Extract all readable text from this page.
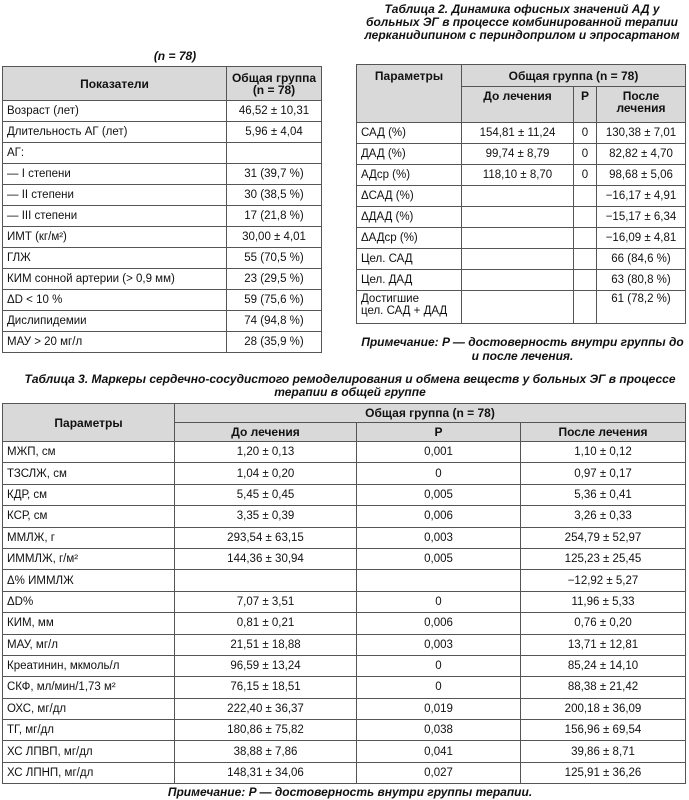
(n = 78)
Показатели	Общая группа
(n = 78)
Возраст (лет)	46,52 ± 10,31
Длительность АГ (лет)	5,96 ± 4,04
АГ:	
— I степени	31 (39,7 %)
— II степени	30 (38,5 %)
— III степени	17 (21,8 %)
ИМТ (кг/м²)	30,00 ± 4,01
ГЛЖ	55 (70,5 %)
КИМ сонной артерии (> 0,9 мм)	23 (29,5 %)
ΔD < 10 %	59 (75,6 %)
Дислипидемии	74 (94,8 %)
МАУ > 20 мг/л	28 (35,9 %)
Таблица 2. Динамика офисных значений АД у больных ЭГ в процессе комбинированной терапии лерканидипином с периндоприлом и эпросартаном
Параметры	Общая группа (n = 78)		
	До лечения	P	После лечения
САД (%)	154,81 ± 11,24	0	130,38 ± 7,01
ДАД (%)	99,74 ± 8,79	0	82,82 ± 4,70
АДср (%)	118,10 ± 8,70	0	98,68 ± 5,06
ΔСАД (%)			−16,17 ± 4,91
ΔДАД (%)			−15,17 ± 6,34
ΔАДср (%)			−16,09 ± 4,81
Цел. САД			66 (84,6 %)
Цел. ДАД			63 (80,8 %)
Достигшие
цел. САД + ДАД			61 (78,2 %)
Примечание: P — достоверность внутри группы до и после лечения.
Таблица 3. Маркеры сердечно-сосудистого ремоделирования и обмена веществ у больных ЭГ в процессе терапии в общей группе
Параметры	Общая группа (n = 78)		
	До лечения	P	После лечения
МЖП, см	1,20 ± 0,13	0,001	1,10 ± 0,12
ТЗСЛЖ, см	1,04 ± 0,20	0	0,97 ± 0,17
КДР, см	5,45 ± 0,45	0,005	5,36 ± 0,41
КСР, см	3,35 ± 0,39	0,006	3,26 ± 0,33
ММЛЖ, г	293,54 ± 63,15	0,003	254,79 ± 52,97
ИММЛЖ, г/м²	144,36 ± 30,94	0,005	125,23 ± 25,45
Δ% ИММЛЖ			−12,92 ± 5,27
ΔD%	7,07 ± 3,51	0	11,96 ± 5,33
КИМ, мм	0,81 ± 0,21	0,006	0,76 ± 0,20
МАУ, мг/л	21,51 ± 18,88	0,003	13,71 ± 12,81
Креатинин, мкмоль/л	96,59 ± 13,24	0	85,24 ± 14,10
СКФ, мл/мин/1,73 м²	76,15 ± 18,51	0	88,38 ± 21,42
ОХС, мг/дл	222,40 ± 36,37	0,019	200,18 ± 36,09
ТГ, мг/дл	180,86 ± 75,82	0,038	156,96 ± 69,54
ХС ЛПВП, мг/дл	38,88 ± 7,86	0,041	39,86 ± 8,71
ХС ЛПНП, мг/дл	148,31 ± 34,06	0,027	125,91 ± 36,26
Примечание: P — достоверность внутри группы терапии.
